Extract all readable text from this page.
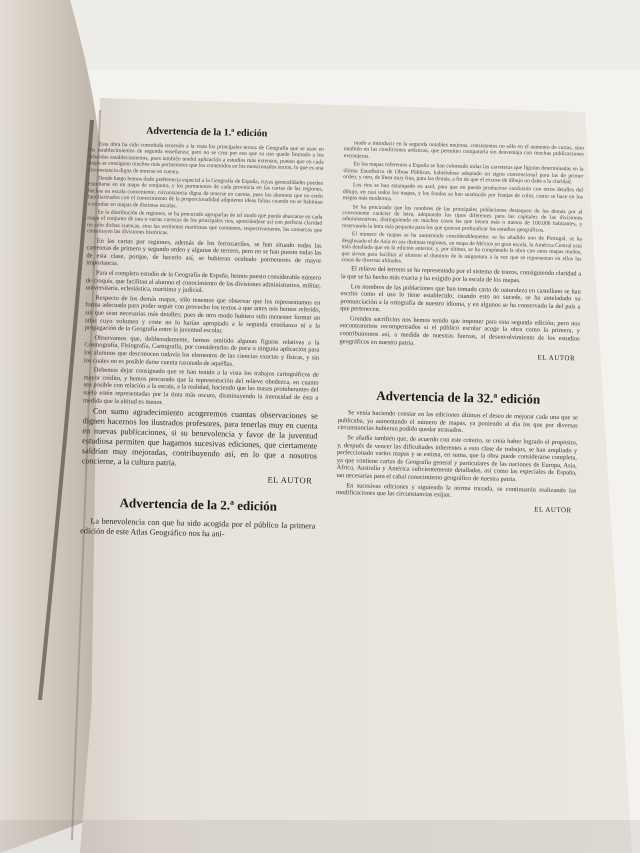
Advertencia de la 1.ª edición

Esta obra ha sido concebida teniendo a la vista los principales textos de Geografía que se usan en los establecimientos de segunda enseñanza; pero no se crea por eso que su uso quede limitado a los referidos establecimientos, pues también tendrá aplicación a estudios más extensos, puesto que en cada mapa se consignan muchos más pormenores que los contenidos en los mencionados textos, lo que es una circunstancia digna de tenerse en cuenta.

Desde luego hemos dado preferencia especial a la Geografía de España, cuyas generalidades pueden estudiarse en un mapa de conjunto, y los pormenores de cada provincia en las cartas de las regiones, hechas en escala conveniente, circunstancia digna de tenerse en cuenta, pues los alumnos que no estén familiarizados con el conocimiento de la proporcionalidad adquieren ideas falsas cuando no se habitúan a estudiar en mapas de distintas escalas.

En la distribución de regiones, se ha procurado agruparlas de tal modo que pueda abarcarse en cada mapa el conjunto de una o varias cuencas de los principales ríos, apreciándose así con perfecta claridad no sólo dichas cuencas, sino las vertientes marítimas que contienen, respectivamente, las comarcas que constituyen las divisiones históricas.

En las cartas por regiones, además de los ferrocarriles, se han situado todas las carreteras de primero y segundo orden y algunas de tercero, pero no se han puesto todas las de esta clase, porque, de hacerlo así, se hubieran ocultado pormenores de mayor importancia.

Para el completo estudio de la Geografía de España, hemos puesto considerable número de croquis, que facilitan al alumno el conocimiento de las divisiones administrativa, militar, universitaria, eclesiástica, marítima y judicial.

Respecto de los demás mapas, sólo tenemos que observar que los representamos en forma adecuada para poder seguir con provecho los textos a que antes nos hemos referido, sin que sean necesarias más detalles; pues de otro modo hubiera sido menester formar un atlas cuyo volumen y coste no lo harían apropiado a la segunda enseñanza ni a la propagación de la Geografía entre la juventud escolar.

Observamos que, deliberadamente, hemos omitido algunas figuras relativas a la Cosmografía, Fisiografía, Cartografía, por considerarlas de poca o ninguna aplicación para los alumnos que desconocen todavía los elementos de las ciencias exactas y físicas, y sin los cuales no es posible darse cuenta razonada de aquéllas.

Debemos dejar consignado que se han tenido a la vista los trabajos cartográficos de mayor crédito, y hemos procurado que la representación del relieve obedezca, en cuanto sea posible con relación a la escala, a la realidad, haciendo que las masas protuberantes del suelo estén representadas por la tinta más oscura, disminuyendo la intensidad de ésta a medida que la altitud es menor.

Con sumo agradecimiento acogeremos cuantas observaciones se dignen hacernos los ilustrados profesores, para tenerlas muy en cuenta en nuevas publicaciones, si su benevolencia y favor de la juventud estudiosa permiten que hagamos sucesivas ediciones, que ciertamente saldrían muy mejoradas, contribuyendo así, en lo que a nosotros concierne, a la cultura patria.

EL AUTOR
Advertencia de la 2.ª edición

La benevolencia con que ha sido acogida por el público la primera edición de este Atlas Geográfico nos ha ani-

mado a introducir en la segunda notables mejoras, consistentes no sólo en el aumento de cartas, sino también en las condiciones artísticas, que permiten compararla sin desventaja con muchas publicaciones extranjeras.

En los mapas referentes a España se han coloreado todas las carreteras que figuran determinadas en la última Estadística de Obras Públicas, habiéndose adoptado un signo convencional para las de primer orden, y otro, de línea muy fina, para las demás, a fin de que el exceso de dibujo no dañe a la claridad.

Los ríos se han estampado en azul, para que no pueda producirse confusión con otros detalles del dibujo, en casi todos los mapas, y los fondos se han sustituido por franjas de color, como se hace en los mapas más modernos.

Se ha procurado que los nombres de las principales poblaciones destaquen de los demás por el conveniente carácter de letra, adoptando los tipos diferentes para las capitales de las divisiones administrativas, distinguiendo en muchos casos las que tienen más o menos de 100.000 habitantes, y reservando la letra más pequeña para los que quieran profundizar los estudios geográficos.

El número de mapas se ha aumentado considerablemente: se ha añadido uno de Portugal, se ha desglosado el de Asia en sus distintas regiones, un mapa de México en gran escala, la América Central está más detallada que en la edición anterior, y, por último, se ha completado la obra con unos mapas mudos, que sirven para facilitar al alumno el dominio de la asignatura a la vez que se representan en ellos las zonas de diversas altitudes.

El relieve del terreno se ha representado por el sistema de trazos, consiguiendo claridad a la que se ha hecho más exacta y ha exigido por la escala de los mapas.

Los nombres de las poblaciones que han tomado carta de naturaleza en castellano se han escrito como el uso lo tiene establecido; cuando esto no sucede, se ha anteladado su pronunciación a la ortografía de nuestro idioma, y en algunos se ha conservado la del país a que pertenecen.

Grandes sacrificios nos hemos tenido que imponer para esta segunda edición; pero nos encontraremos recompensados si el público escolar acoge la obra como la primera, y contribuiremos así, a medida de nuestras fuerzas, al desenvolvimiento de los estudios geográficos en nuestra patria.

EL AUTOR
Advertencia de la 32.ª edición

Se venía haciendo constar en las ediciones últimas el deseo de mejorar cada una que se publicaba, ya aumentando el número de mapas, ya poniendo al día los que por diversas circunstancias hubieran podido quedar atrasados.

Se añadía también que, de acuerdo con este criterio, se creía haber logrado el propósito, y, después de vencer las dificultades inherentes a esta clase de trabajos, se han ampliado y perfeccionado varios mapas y se estima, en suma, que la obra puede considerarse completa, ya que contiene cartas de Geografía general y particulares de las naciones de Europa, Asia, África, Australia y América suficientemente detalladas, así como las especiales de España, tan necesarias para el cabal conocimiento geográfico de nuestra patria.

En sucesivas ediciones y siguiendo la norma trazada, se continuarán realizando las modificaciones que las circunstancias exijan.

EL AUTOR
